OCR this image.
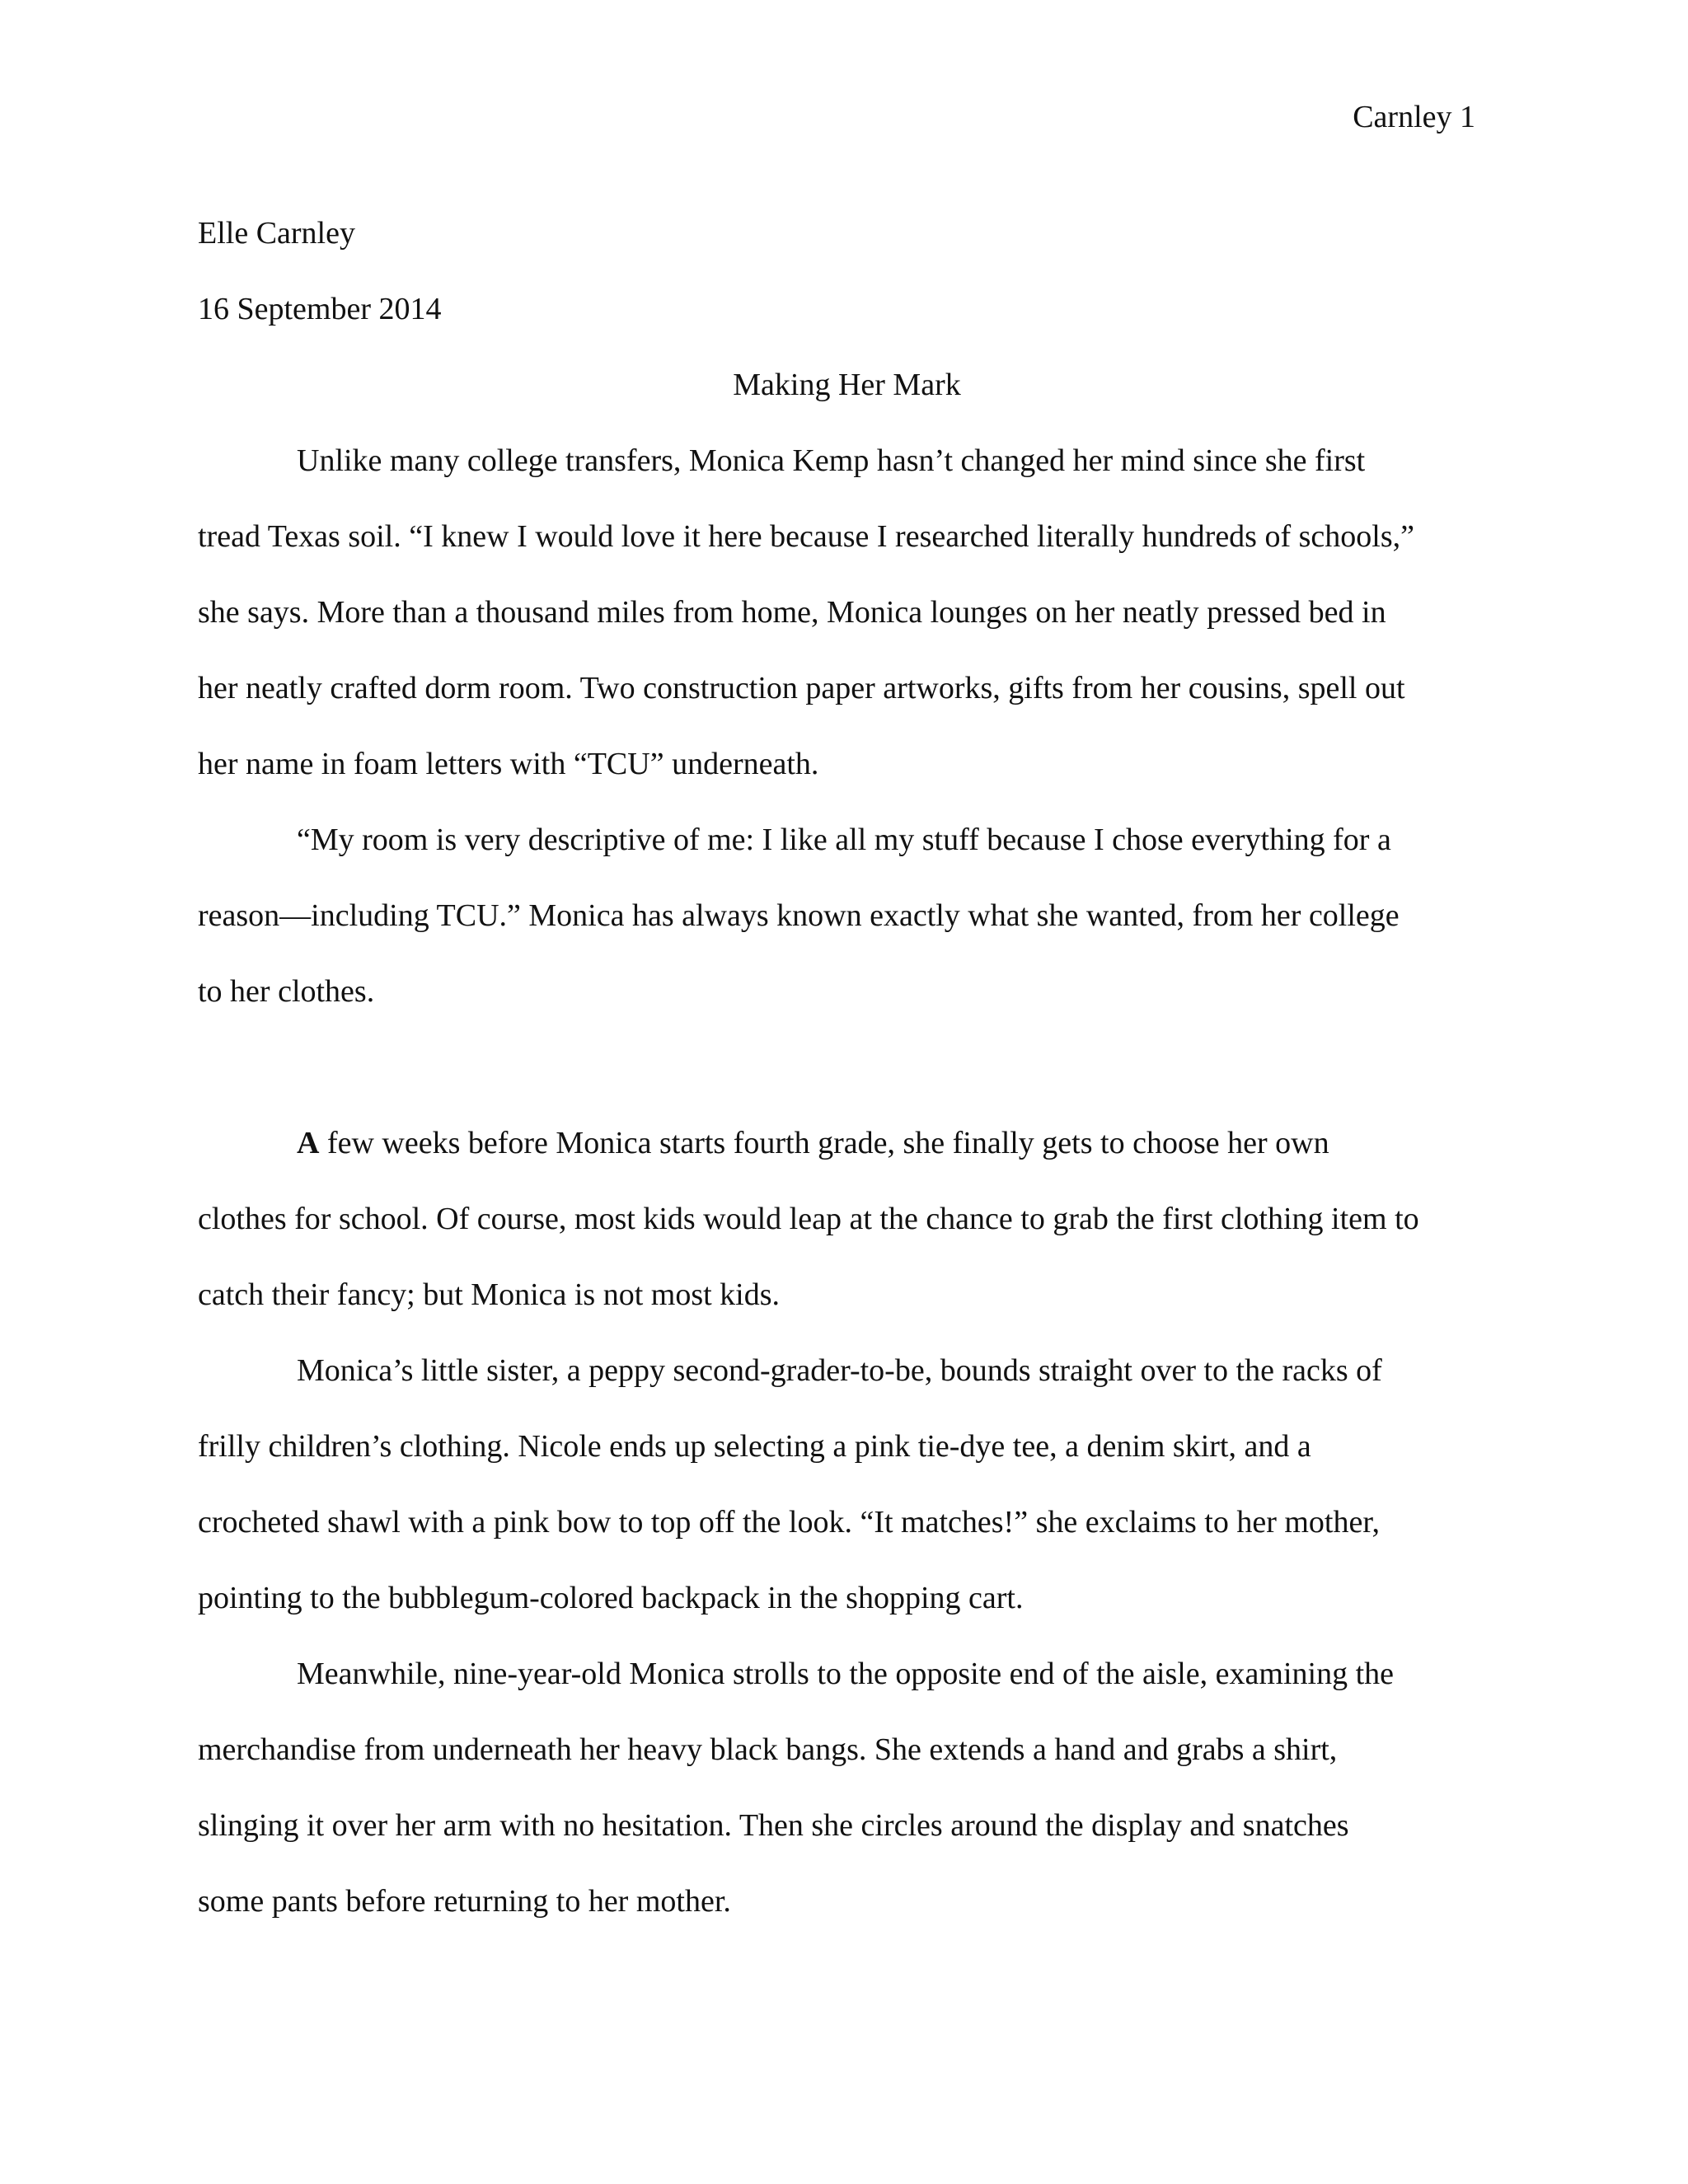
Carnley 1
Elle Carnley
16 September 2014
Making Her Mark
Unlike many college transfers, Monica Kemp hasn’t changed her mind since she first
tread Texas soil. “I knew I would love it here because I researched literally hundreds of schools,”
she says. More than a thousand miles from home, Monica lounges on her neatly pressed bed in
her neatly crafted dorm room. Two construction paper artworks, gifts from her cousins, spell out
her name in foam letters with “TCU” underneath.
“My room is very descriptive of me: I like all my stuff because I chose everything for a
reason—including TCU.” Monica has always known exactly what she wanted, from her college
to her clothes.
A few weeks before Monica starts fourth grade, she finally gets to choose her own
clothes for school. Of course, most kids would leap at the chance to grab the first clothing item to
catch their fancy; but Monica is not most kids.
Monica’s little sister, a peppy second-grader-to-be, bounds straight over to the racks of
frilly children’s clothing. Nicole ends up selecting a pink tie-dye tee, a denim skirt, and a
crocheted shawl with a pink bow to top off the look. “It matches!” she exclaims to her mother,
pointing to the bubblegum-colored backpack in the shopping cart.
Meanwhile, nine-year-old Monica strolls to the opposite end of the aisle, examining the
merchandise from underneath her heavy black bangs. She extends a hand and grabs a shirt,
slinging it over her arm with no hesitation. Then she circles around the display and snatches
some pants before returning to her mother.
